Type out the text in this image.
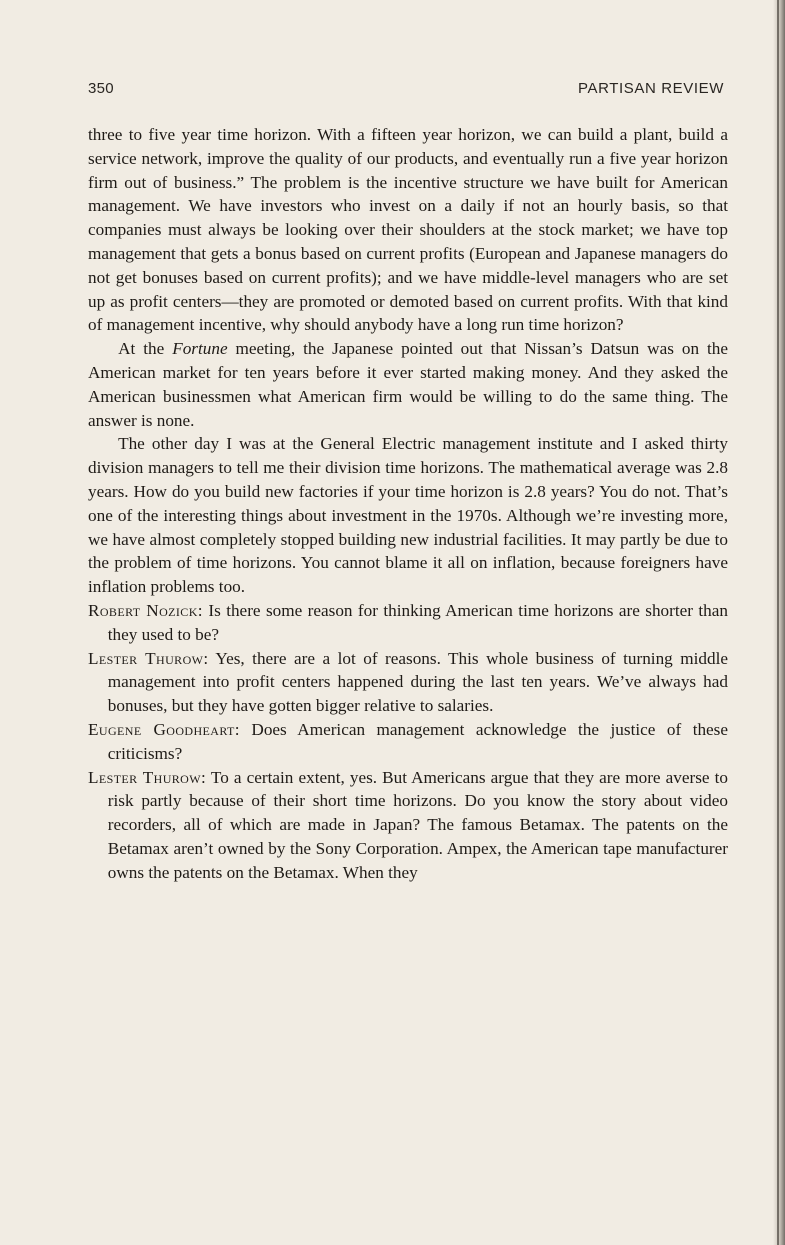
350	PARTISAN REVIEW

three to five year time horizon. With a fifteen year horizon, we can build a plant, build a service network, improve the quality of our products, and eventually run a five year horizon firm out of business.” The problem is the incentive structure we have built for American management. We have investors who invest on a daily if not an hourly basis, so that companies must always be looking over their shoulders at the stock market; we have top management that gets a bonus based on current profits (European and Japanese managers do not get bonuses based on current profits); and we have middle-level managers who are set up as profit centers—they are promoted or demoted based on current profits. With that kind of management incentive, why should anybody have a long run time horizon?

At the Fortune meeting, the Japanese pointed out that Nissan’s Datsun was on the American market for ten years before it ever started making money. And they asked the American businessmen what American firm would be willing to do the same thing. The answer is none.

The other day I was at the General Electric management institute and I asked thirty division managers to tell me their division time horizons. The mathematical average was 2.8 years. How do you build new factories if your time horizon is 2.8 years? You do not. That’s one of the interesting things about investment in the 1970s. Although we’re investing more, we have almost completely stopped building new industrial facilities. It may partly be due to the problem of time horizons. You cannot blame it all on inflation, because foreigners have inflation problems too.

Robert Nozick: Is there some reason for thinking American time horizons are shorter than they used to be?

Lester Thurow: Yes, there are a lot of reasons. This whole business of turning middle management into profit centers happened during the last ten years. We’ve always had bonuses, but they have gotten bigger relative to salaries.

Eugene Goodheart: Does American management acknowledge the justice of these criticisms?

Lester Thurow: To a certain extent, yes. But Americans argue that they are more averse to risk partly because of their short time horizons. Do you know the story about video recorders, all of which are made in Japan? The famous Betamax. The patents on the Betamax aren’t owned by the Sony Corporation. Ampex, the American tape manufacturer owns the patents on the Betamax. When they
